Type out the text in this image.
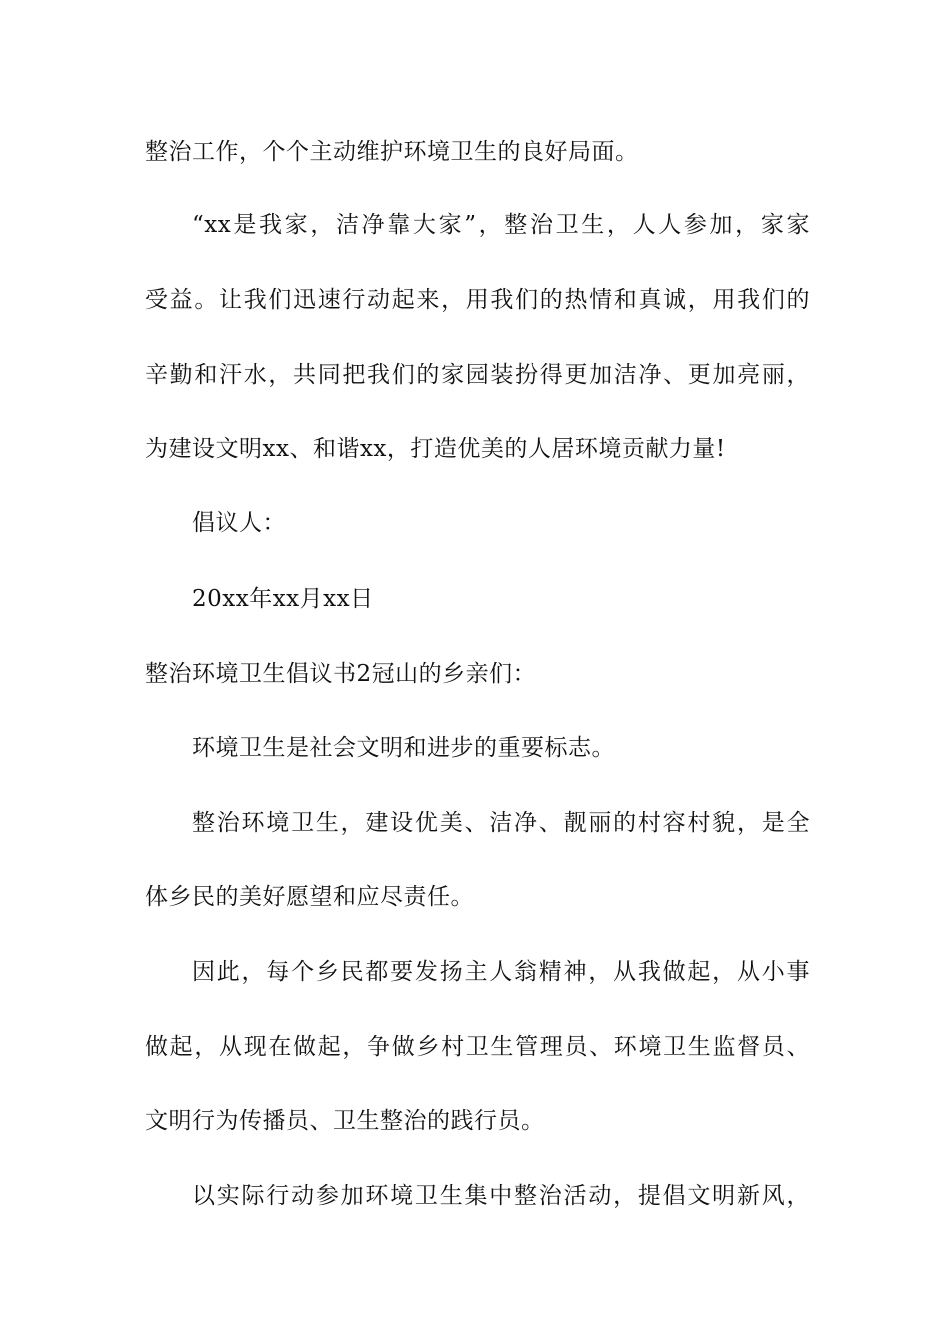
整治工作，个个主动维护环境卫生的良好局面。
“xx是我家，洁净靠大家”，整治卫生，人人参加，家家
受益。让我们迅速行动起来，用我们的热情和真诚，用我们的
辛勤和汗水，共同把我们的家园装扮得更加洁净、更加亮丽，
为建设文明xx、和谐xx，打造优美的人居环境贡献力量!
倡议人：
20xx年xx月xx日
整治环境卫生倡议书2冠山的乡亲们：
环境卫生是社会文明和进步的重要标志。
整治环境卫生，建设优美、洁净、靓丽的村容村貌，是全
体乡民的美好愿望和应尽责任。
因此，每个乡民都要发扬主人翁精神，从我做起，从小事
做起，从现在做起，争做乡村卫生管理员、环境卫生监督员、
文明行为传播员、卫生整治的践行员。
以实际行动参加环境卫生集中整治活动，提倡文明新风，
